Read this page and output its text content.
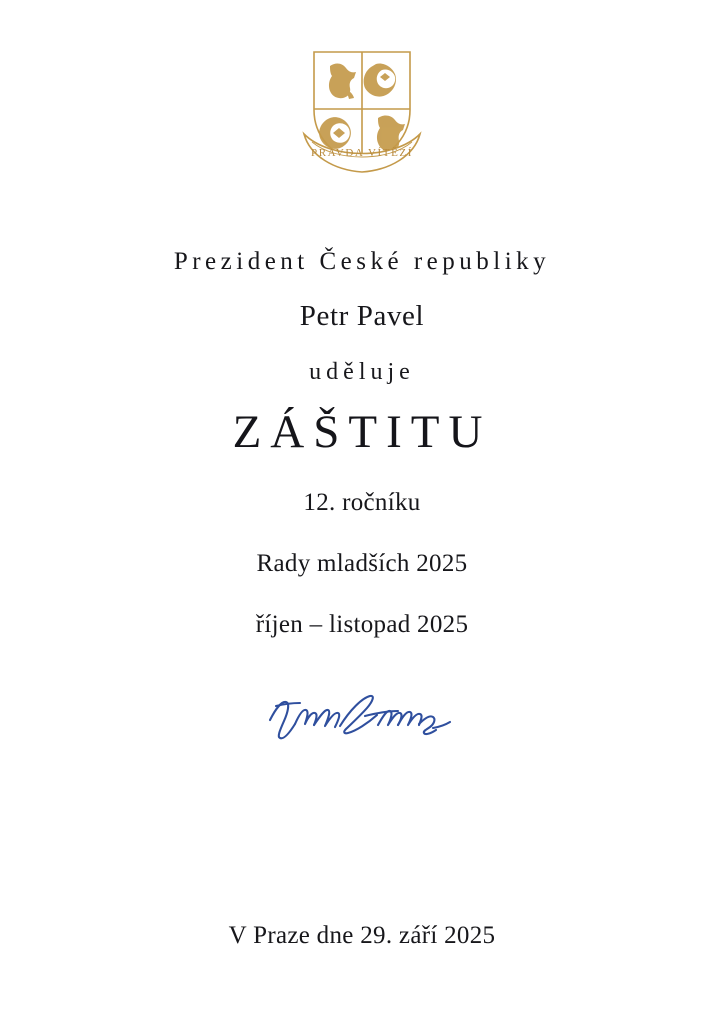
PRAVDA VÍTĚZÍ
Prezident České republiky
Petr Pavel
uděluje
ZÁŠTITU
12. ročníku
Rady mladších 2025
říjen – listopad 2025
V Praze dne 29. září 2025
